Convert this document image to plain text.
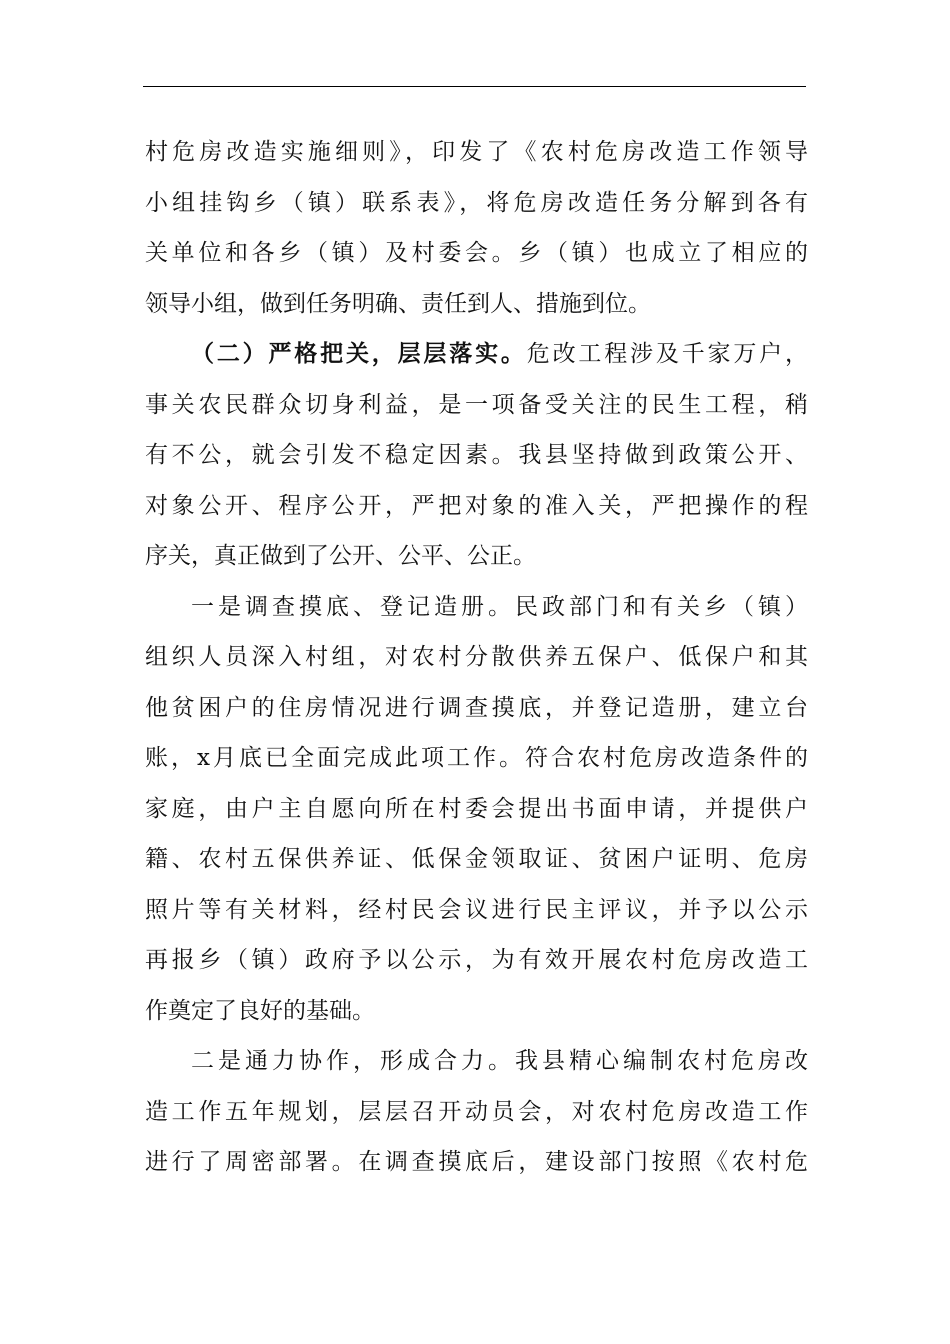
村危房改造实施细则》，印发了《农村危房改造工作领导
小组挂钩乡（镇）联系表》，将危房改造任务分解到各有
关单位和各乡（镇）及村委会。乡（镇）也成立了相应的
领导小组，做到任务明确、责任到人、措施到位。
（二）严格把关，层层落实。危改工程涉及千家万户，
事关农民群众切身利益，是一项备受关注的民生工程，稍
有不公，就会引发不稳定因素。我县坚持做到政策公开、
对象公开、程序公开，严把对象的准入关，严把操作的程
序关，真正做到了公开、公平、公正。
一是调查摸底、登记造册。民政部门和有关乡（镇）
组织人员深入村组，对农村分散供养五保户、低保户和其
他贫困户的住房情况进行调查摸底，并登记造册，建立台
账，x月底已全面完成此项工作。符合农村危房改造条件的
家庭，由户主自愿向所在村委会提出书面申请，并提供户
籍、农村五保供养证、低保金领取证、贫困户证明、危房
照片等有关材料，经村民会议进行民主评议，并予以公示
再报乡（镇）政府予以公示，为有效开展农村危房改造工
作奠定了良好的基础。
二是通力协作，形成合力。我县精心编制农村危房改
造工作五年规划，层层召开动员会，对农村危房改造工作
进行了周密部署。在调查摸底后，建设部门按照《农村危
